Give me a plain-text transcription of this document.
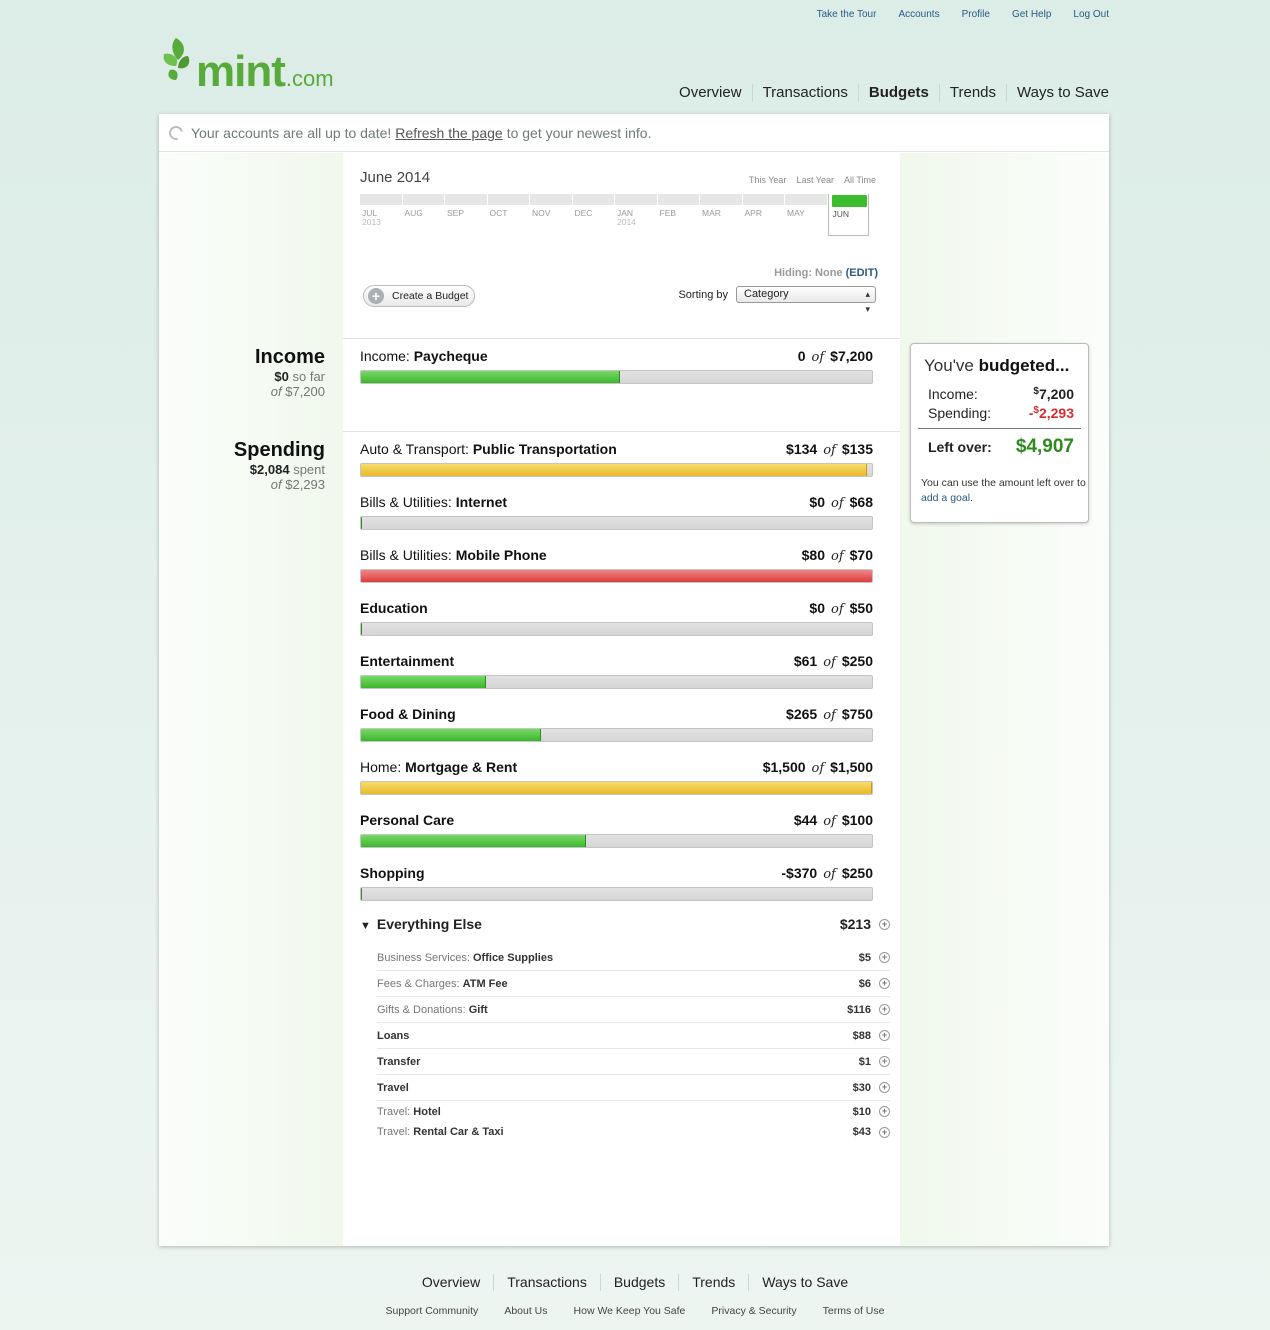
Take the Tour Accounts Profile Get Help Log Out
mint .com
Overview	Transactions	Budgets	Trends	Ways to Save
Your accounts are all up to date! Refresh the page to get your newest info.
Income
$0 so far
of $7,200
Spending
$2,084 spent
of $2,293
June 2014	This Year Last Year All Time
JUL
2013
AUG	SEP	OCT	NOV	DEC	JAN
2014
FEB	MAR	APR	MAY	JUN
Hiding: None (EDIT)
+	Create a Budget	Sorting by	Category	▴
▾
Income: Paycheque	0 of $7,200
Auto & Transport: Public Transportation	$134 of $135
Bills & Utilities: Internet	$0 of $68
Bills & Utilities: Mobile Phone	$80 of $70
Education	$0 of $50
Entertainment	$61 of $250
Food & Dining	$265 of $750
Home: Mortgage & Rent	$1,500 of $1,500
Personal Care	$44 of $100
Shopping	-$370 of $250
▼ Everything Else	$213	+
Business Services: Office Supplies	$5	+
Fees & Charges: ATM Fee	$6	+
Gifts & Donations: Gift	$116	+
Loans	$88	+
Transfer	$1	+
Travel	$30	+
Travel: Hotel	$10	+
Travel: Rental Car & Taxi	$43	+
You've budgeted...
Income:	$7,200
Spending:	-$2,293
Left over: $4,907
You can use the amount left over to add a goal.
Overview	Transactions	Budgets	Trends	Ways to Save
Support Community About Us How We Keep You Safe Privacy & Security Terms of Use
